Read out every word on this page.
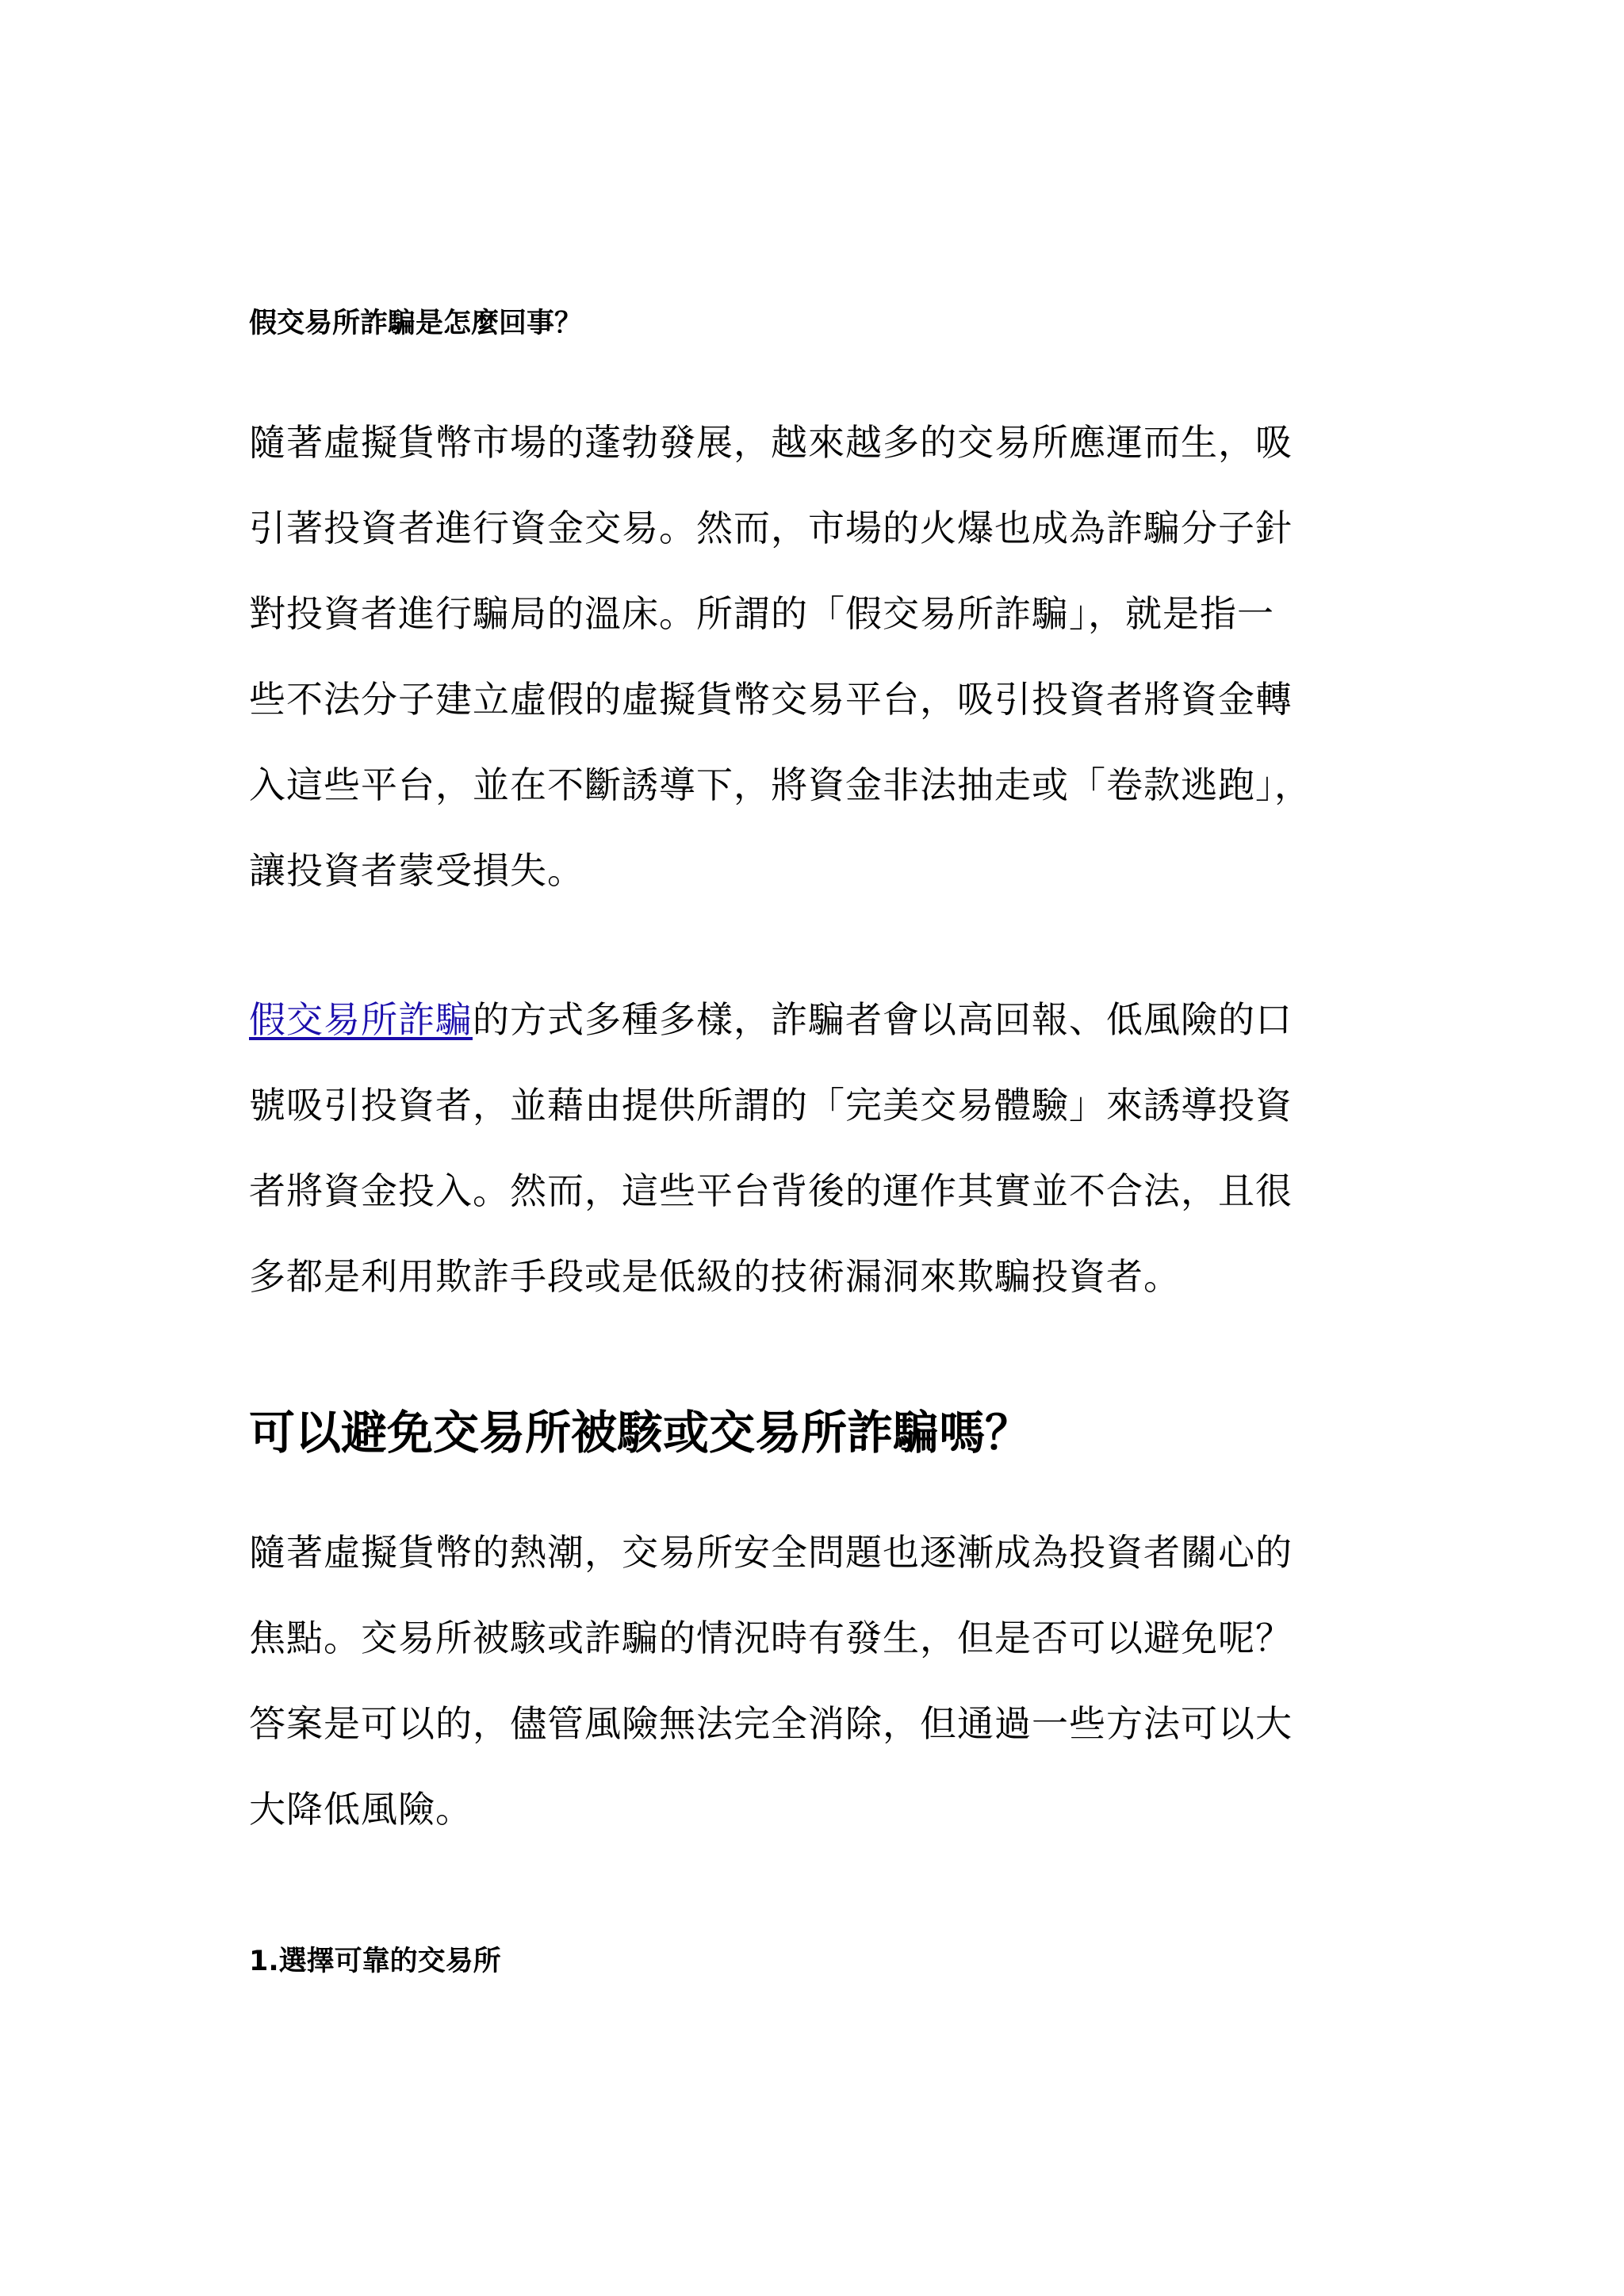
假交易所詐騙是怎麼回事？
隨著虛擬貨幣市場的蓬勃發展，越來越多的交易所應運而生，吸
引著投資者進行資金交易。然而，市場的火爆也成為詐騙分子針
對投資者進行騙局的溫床。所謂的「假交易所詐騙」，就是指一
些不法分子建立虛假的虛擬貨幣交易平台，吸引投資者將資金轉
入這些平台，並在不斷誘導下，將資金非法抽走或「卷款逃跑」，
讓投資者蒙受損失。
假交易所詐騙的方式多種多樣，詐騙者會以高回報、低風險的口
號吸引投資者，並藉由提供所謂的「完美交易體驗」來誘導投資
者將資金投入。然而，這些平台背後的運作其實並不合法，且很
多都是利用欺詐手段或是低級的技術漏洞來欺騙投資者。
可以避免交易所被駭或交易所詐騙嗎？
隨著虛擬貨幣的熱潮，交易所安全問題也逐漸成為投資者關心的
焦點。交易所被駭或詐騙的情況時有發生，但是否可以避免呢？
答案是可以的，儘管風險無法完全消除，但通過一些方法可以大
大降低風險。
1.選擇可靠的交易所
